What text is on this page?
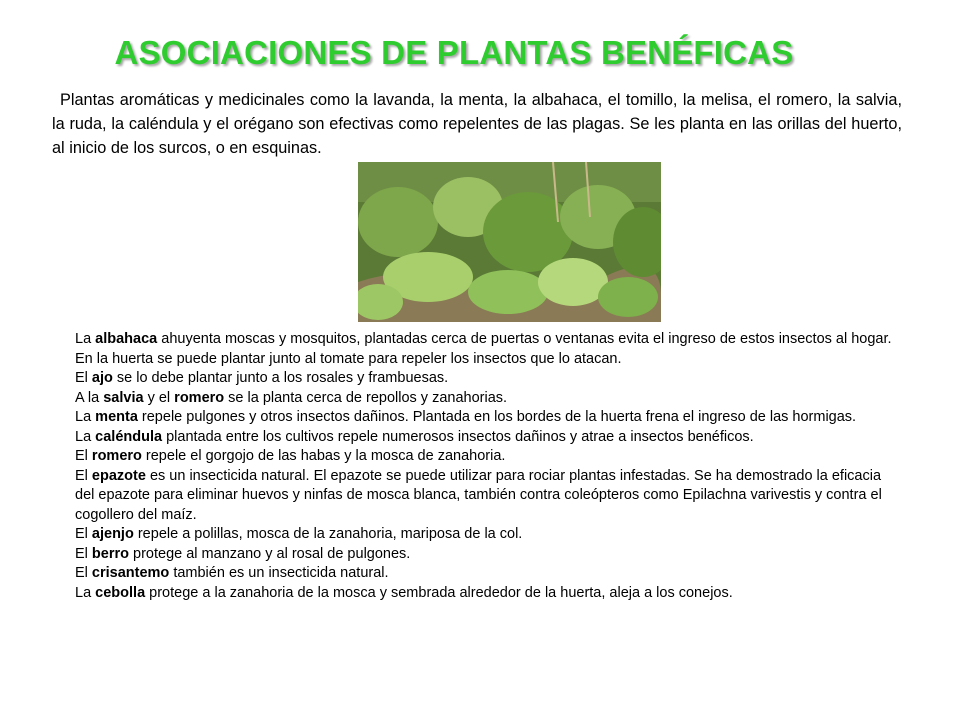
ASOCIACIONES DE PLANTAS BENÉFICAS
Plantas aromáticas y medicinales como la lavanda, la menta, la albahaca, el tomillo, la melisa, el romero, la salvia, la ruda, la caléndula y el orégano son efectivas como repelentes de las plagas. Se les planta en las orillas del huerto, al inicio de los surcos, o en esquinas.

La albahaca ahuyenta moscas y mosquitos, plantadas cerca de puertas o ventanas evita el ingreso de estos insectos al hogar. En la huerta se puede plantar junto al tomate para repeler los insectos que lo atacan.

El ajo se lo debe plantar junto a los rosales y frambuesas.

A la salvia y el romero se la planta cerca de repollos y zanahorias.

La menta repele pulgones y otros insectos dañinos. Plantada en los bordes de la huerta frena el ingreso de las hormigas.

La caléndula plantada entre los cultivos repele numerosos insectos dañinos y atrae a insectos benéficos.

El romero repele el gorgojo de las habas y la mosca de zanahoria.

El epazote es un insecticida natural. El epazote se puede utilizar para rociar plantas infestadas. Se ha demostrado la eficacia del epazote para eliminar huevos y ninfas de mosca blanca, también contra coleópteros como Epilachna varivestis y contra el cogollero del maíz.

El ajenjo repele a polillas, mosca de la zanahoria, mariposa de la col.

El berro protege al manzano y al rosal de pulgones.

El crisantemo también es un insecticida natural.

La cebolla protege a la zanahoria de la mosca y sembrada alrededor de la huerta, aleja a los conejos.
